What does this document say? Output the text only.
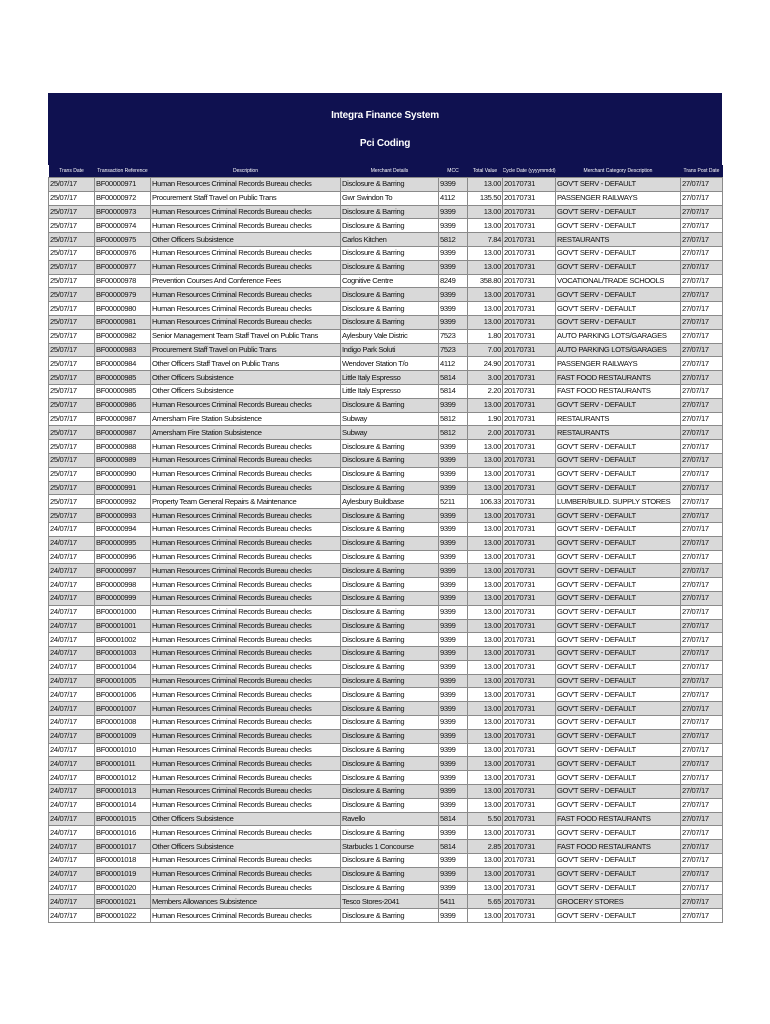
Integra Finance System
Pci Coding
Trans Date	Transaction Reference	Description	Merchant Details	MCC	Total Value	Cycle Date (yyyymmdd)	Merchant Category Description	Trans Post Date
25/07/17	BF00000971	Human Resources Criminal Records Bureau checks	Disclosure & Barring	9399	13.00	20170731	GOV'T SERV - DEFAULT	27/07/17
25/07/17	BF00000972	Procurement Staff Travel on Public Trans	Gwr Swindon To	4112	135.50	20170731	PASSENGER RAILWAYS	27/07/17
25/07/17	BF00000973	Human Resources Criminal Records Bureau checks	Disclosure & Barring	9399	13.00	20170731	GOV'T SERV - DEFAULT	27/07/17
25/07/17	BF00000974	Human Resources Criminal Records Bureau checks	Disclosure & Barring	9399	13.00	20170731	GOV'T SERV - DEFAULT	27/07/17
25/07/17	BF00000975	Other Officers Subsistence	Carlos Kitchen	5812	7.84	20170731	RESTAURANTS	27/07/17
25/07/17	BF00000976	Human Resources Criminal Records Bureau checks	Disclosure & Barring	9399	13.00	20170731	GOV'T SERV - DEFAULT	27/07/17
25/07/17	BF00000977	Human Resources Criminal Records Bureau checks	Disclosure & Barring	9399	13.00	20170731	GOV'T SERV - DEFAULT	27/07/17
25/07/17	BF00000978	Prevention Courses And Conference Fees	Cognitive Centre	8249	358.80	20170731	VOCATIONAL/TRADE SCHOOLS	27/07/17
25/07/17	BF00000979	Human Resources Criminal Records Bureau checks	Disclosure & Barring	9399	13.00	20170731	GOV'T SERV - DEFAULT	27/07/17
25/07/17	BF00000980	Human Resources Criminal Records Bureau checks	Disclosure & Barring	9399	13.00	20170731	GOV'T SERV - DEFAULT	27/07/17
25/07/17	BF00000981	Human Resources Criminal Records Bureau checks	Disclosure & Barring	9399	13.00	20170731	GOV'T SERV - DEFAULT	27/07/17
25/07/17	BF00000982	Senior Management Team Staff Travel on Public Trans	Aylesbury Vale Distric	7523	1.80	20170731	AUTO PARKING LOTS/GARAGES	27/07/17
25/07/17	BF00000983	Procurement Staff Travel on Public Trans	Indigo Park Soluti	7523	7.00	20170731	AUTO PARKING LOTS/GARAGES	27/07/17
25/07/17	BF00000984	Other Officers Staff Travel on Public Trans	Wendover Station T/o	4112	24.90	20170731	PASSENGER RAILWAYS	27/07/17
25/07/17	BF00000985	Other Officers Subsistence	Little Italy Espresso	5814	3.00	20170731	FAST FOOD RESTAURANTS	27/07/17
25/07/17	BF00000985	Other Officers Subsistence	Little Italy Espresso	5814	2.20	20170731	FAST FOOD RESTAURANTS	27/07/17
25/07/17	BF00000986	Human Resources Criminal Records Bureau checks	Disclosure & Barring	9399	13.00	20170731	GOV'T SERV - DEFAULT	27/07/17
25/07/17	BF00000987	Amersham Fire Station Subsistence	Subway	5812	1.90	20170731	RESTAURANTS	27/07/17
25/07/17	BF00000987	Amersham Fire Station Subsistence	Subway	5812	2.00	20170731	RESTAURANTS	27/07/17
25/07/17	BF00000988	Human Resources Criminal Records Bureau checks	Disclosure & Barring	9399	13.00	20170731	GOV'T SERV - DEFAULT	27/07/17
25/07/17	BF00000989	Human Resources Criminal Records Bureau checks	Disclosure & Barring	9399	13.00	20170731	GOV'T SERV - DEFAULT	27/07/17
25/07/17	BF00000990	Human Resources Criminal Records Bureau checks	Disclosure & Barring	9399	13.00	20170731	GOV'T SERV - DEFAULT	27/07/17
25/07/17	BF00000991	Human Resources Criminal Records Bureau checks	Disclosure & Barring	9399	13.00	20170731	GOV'T SERV - DEFAULT	27/07/17
25/07/17	BF00000992	Property Team General Repairs & Maintenance	Aylesbury Buildbase	5211	106.33	20170731	LUMBER/BUILD. SUPPLY STORES	27/07/17
25/07/17	BF00000993	Human Resources Criminal Records Bureau checks	Disclosure & Barring	9399	13.00	20170731	GOV'T SERV - DEFAULT	27/07/17
24/07/17	BF00000994	Human Resources Criminal Records Bureau checks	Disclosure & Barring	9399	13.00	20170731	GOV'T SERV - DEFAULT	27/07/17
24/07/17	BF00000995	Human Resources Criminal Records Bureau checks	Disclosure & Barring	9399	13.00	20170731	GOV'T SERV - DEFAULT	27/07/17
24/07/17	BF00000996	Human Resources Criminal Records Bureau checks	Disclosure & Barring	9399	13.00	20170731	GOV'T SERV - DEFAULT	27/07/17
24/07/17	BF00000997	Human Resources Criminal Records Bureau checks	Disclosure & Barring	9399	13.00	20170731	GOV'T SERV - DEFAULT	27/07/17
24/07/17	BF00000998	Human Resources Criminal Records Bureau checks	Disclosure & Barring	9399	13.00	20170731	GOV'T SERV - DEFAULT	27/07/17
24/07/17	BF00000999	Human Resources Criminal Records Bureau checks	Disclosure & Barring	9399	13.00	20170731	GOV'T SERV - DEFAULT	27/07/17
24/07/17	BF00001000	Human Resources Criminal Records Bureau checks	Disclosure & Barring	9399	13.00	20170731	GOV'T SERV - DEFAULT	27/07/17
24/07/17	BF00001001	Human Resources Criminal Records Bureau checks	Disclosure & Barring	9399	13.00	20170731	GOV'T SERV - DEFAULT	27/07/17
24/07/17	BF00001002	Human Resources Criminal Records Bureau checks	Disclosure & Barring	9399	13.00	20170731	GOV'T SERV - DEFAULT	27/07/17
24/07/17	BF00001003	Human Resources Criminal Records Bureau checks	Disclosure & Barring	9399	13.00	20170731	GOV'T SERV - DEFAULT	27/07/17
24/07/17	BF00001004	Human Resources Criminal Records Bureau checks	Disclosure & Barring	9399	13.00	20170731	GOV'T SERV - DEFAULT	27/07/17
24/07/17	BF00001005	Human Resources Criminal Records Bureau checks	Disclosure & Barring	9399	13.00	20170731	GOV'T SERV - DEFAULT	27/07/17
24/07/17	BF00001006	Human Resources Criminal Records Bureau checks	Disclosure & Barring	9399	13.00	20170731	GOV'T SERV - DEFAULT	27/07/17
24/07/17	BF00001007	Human Resources Criminal Records Bureau checks	Disclosure & Barring	9399	13.00	20170731	GOV'T SERV - DEFAULT	27/07/17
24/07/17	BF00001008	Human Resources Criminal Records Bureau checks	Disclosure & Barring	9399	13.00	20170731	GOV'T SERV - DEFAULT	27/07/17
24/07/17	BF00001009	Human Resources Criminal Records Bureau checks	Disclosure & Barring	9399	13.00	20170731	GOV'T SERV - DEFAULT	27/07/17
24/07/17	BF00001010	Human Resources Criminal Records Bureau checks	Disclosure & Barring	9399	13.00	20170731	GOV'T SERV - DEFAULT	27/07/17
24/07/17	BF00001011	Human Resources Criminal Records Bureau checks	Disclosure & Barring	9399	13.00	20170731	GOV'T SERV - DEFAULT	27/07/17
24/07/17	BF00001012	Human Resources Criminal Records Bureau checks	Disclosure & Barring	9399	13.00	20170731	GOV'T SERV - DEFAULT	27/07/17
24/07/17	BF00001013	Human Resources Criminal Records Bureau checks	Disclosure & Barring	9399	13.00	20170731	GOV'T SERV - DEFAULT	27/07/17
24/07/17	BF00001014	Human Resources Criminal Records Bureau checks	Disclosure & Barring	9399	13.00	20170731	GOV'T SERV - DEFAULT	27/07/17
24/07/17	BF00001015	Other Officers Subsistence	Ravello	5814	5.50	20170731	FAST FOOD RESTAURANTS	27/07/17
24/07/17	BF00001016	Human Resources Criminal Records Bureau checks	Disclosure & Barring	9399	13.00	20170731	GOV'T SERV - DEFAULT	27/07/17
24/07/17	BF00001017	Other Officers Subsistence	Starbucks 1 Concourse	5814	2.85	20170731	FAST FOOD RESTAURANTS	27/07/17
24/07/17	BF00001018	Human Resources Criminal Records Bureau checks	Disclosure & Barring	9399	13.00	20170731	GOV'T SERV - DEFAULT	27/07/17
24/07/17	BF00001019	Human Resources Criminal Records Bureau checks	Disclosure & Barring	9399	13.00	20170731	GOV'T SERV - DEFAULT	27/07/17
24/07/17	BF00001020	Human Resources Criminal Records Bureau checks	Disclosure & Barring	9399	13.00	20170731	GOV'T SERV - DEFAULT	27/07/17
24/07/17	BF00001021	Members Allowances Subsistence	Tesco Stores-2041	5411	5.65	20170731	GROCERY STORES	27/07/17
24/07/17	BF00001022	Human Resources Criminal Records Bureau checks	Disclosure & Barring	9399	13.00	20170731	GOV'T SERV - DEFAULT	27/07/17
